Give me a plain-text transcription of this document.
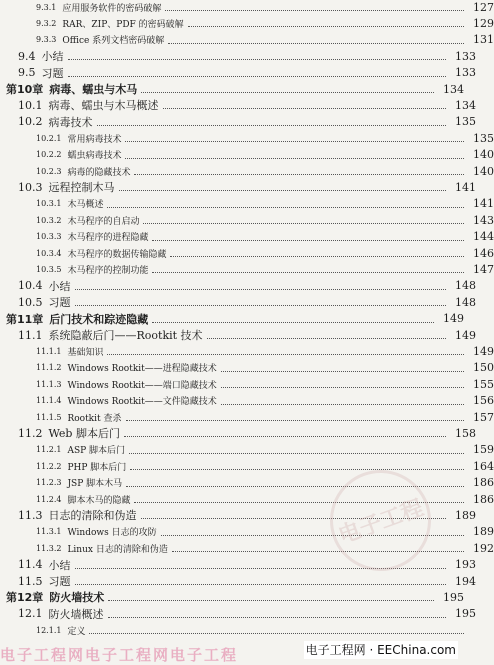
9.3.1 应用服务软件的密码破解	127
9.3.2 RAR、ZIP、PDF 的密码破解	129
9.3.3 Office 系列文档密码破解	131
9.4 小结	133
9.5 习题	133
第10章 病毒、蠕虫与木马	134
10.1 病毒、蠕虫与木马概述	134
10.2 病毒技术	135
10.2.1 常用病毒技术	135
10.2.2 蠕虫病毒技术	140
10.2.3 病毒的隐藏技术	140
10.3 远程控制木马	141
10.3.1 木马概述	141
10.3.2 木马程序的自启动	143
10.3.3 木马程序的进程隐藏	144
10.3.4 木马程序的数据传输隐藏	146
10.3.5 木马程序的控制功能	147
10.4 小结	148
10.5 习题	148
第11章 后门技术和踪迹隐藏	149
11.1 系统隐蔽后门——Rootkit 技术	149
11.1.1 基础知识	149
11.1.2 Windows Rootkit——进程隐藏技术	150
11.1.3 Windows Rootkit——端口隐藏技术	155
11.1.4 Windows Rootkit——文件隐藏技术	156
11.1.5 Rootkit 查杀	157
11.2 Web 脚本后门	158
11.2.1 ASP 脚本后门	159
11.2.2 PHP 脚本后门	164
11.2.3 JSP 脚本木马	186
11.2.4 脚本木马的隐藏	186
11.3 日志的清除和伪造	189
11.3.1 Windows 日志的攻防	189
11.3.2 Linux 日志的清除和伪造	192
11.4 小结	193
11.5 习题	194
第12章 防火墙技术	195
12.1 防火墙概述	195
12.1.1 定义
电子工程
电子工程网电子工程网电子工程	电子工程网 · EEChina.com
